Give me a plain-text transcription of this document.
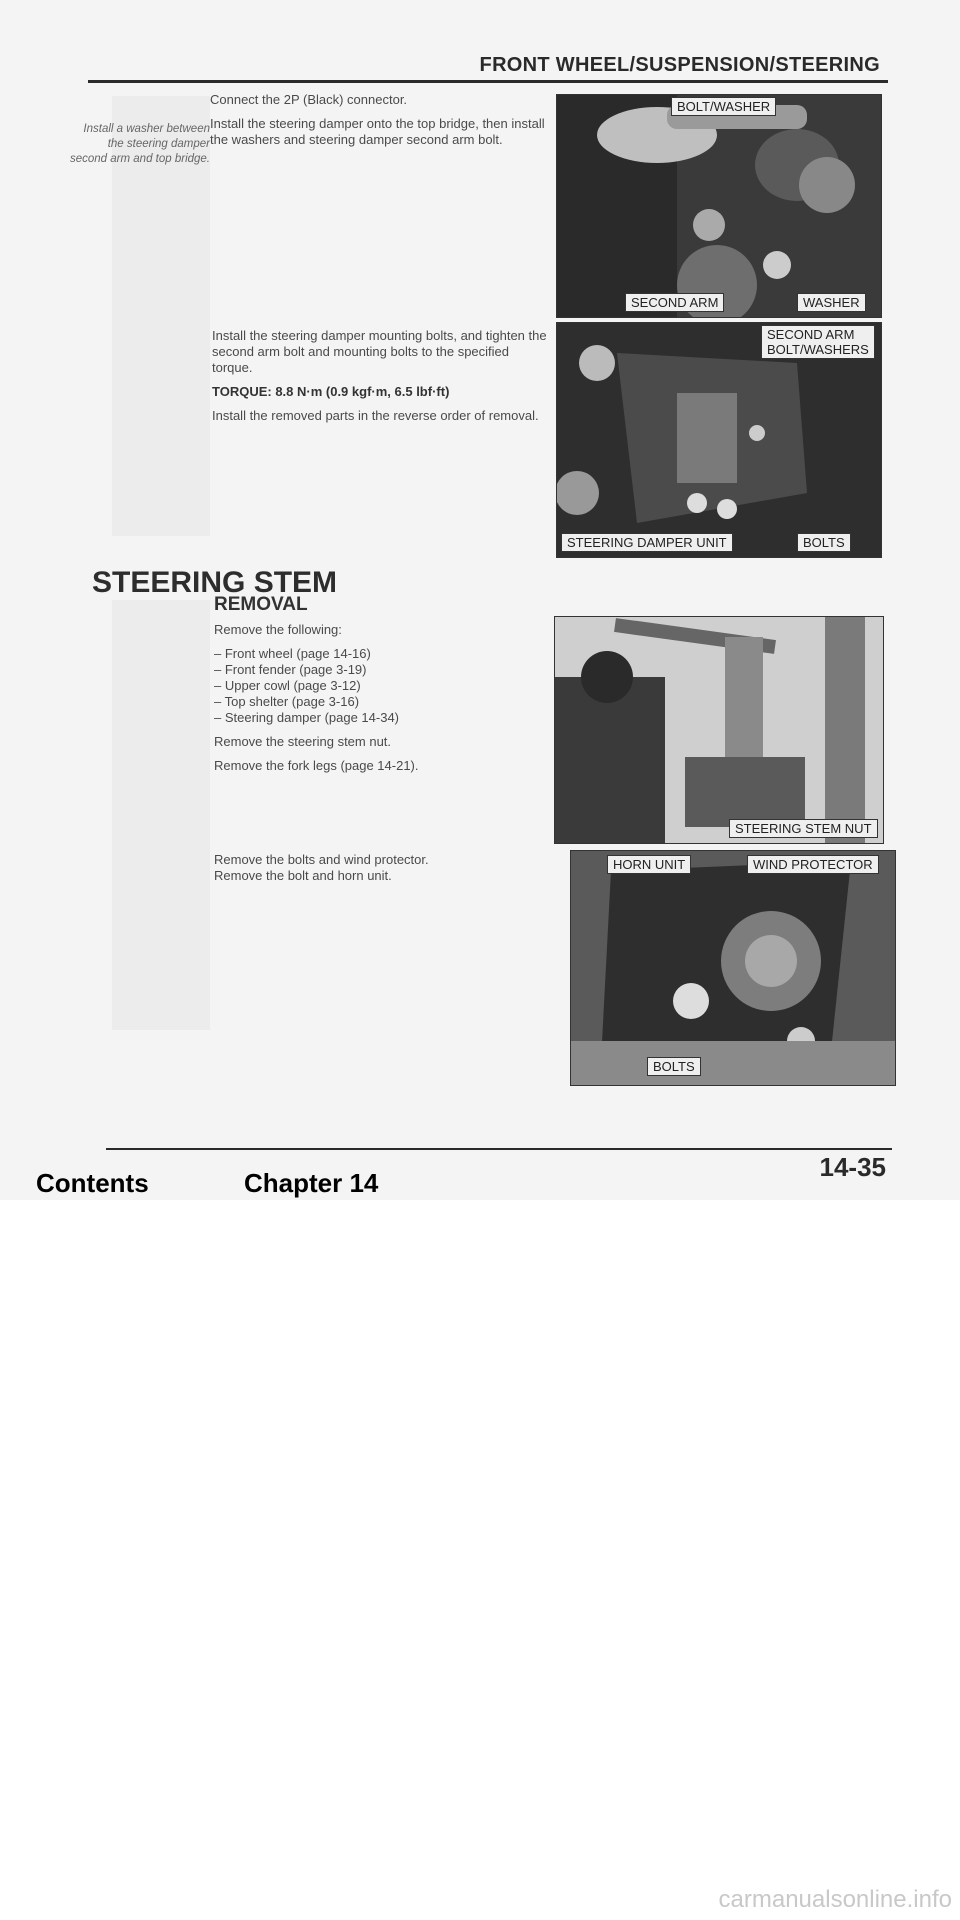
FRONT WHEEL/SUSPENSION/STEERING
Install a washer between the steering damper second arm and top bridge.

Connect the 2P (Black) connector.

Install the steering damper onto the top bridge, then install the washers and steering damper second arm bolt.

Install the steering damper mounting bolts, and tighten the second arm bolt and mounting bolts to the specified torque.

TORQUE: 8.8 N·m (0.9 kgf·m, 6.5 lbf·ft)

Install the removed parts in the reverse order of removal.

BOLT/WASHER
SECOND ARM	WASHER
SECOND ARM
BOLT/WASHERS
STEERING DAMPER UNIT	BOLTS
STEERING STEM
REMOVAL

Remove the following:

– Front wheel (page 14-16)
– Front fender (page 3-19)
– Upper cowl (page 3-12)
– Top shelter (page 3-16)
– Steering damper (page 14-34)

Remove the steering stem nut.

Remove the fork legs (page 14-21).

Remove the bolts and wind protector.

Remove the bolt and horn unit.

STEERING STEM NUT
HORN UNIT	WIND PROTECTOR
BOLTS
14-35
Contents	Chapter 14
carmanualsonline.info
